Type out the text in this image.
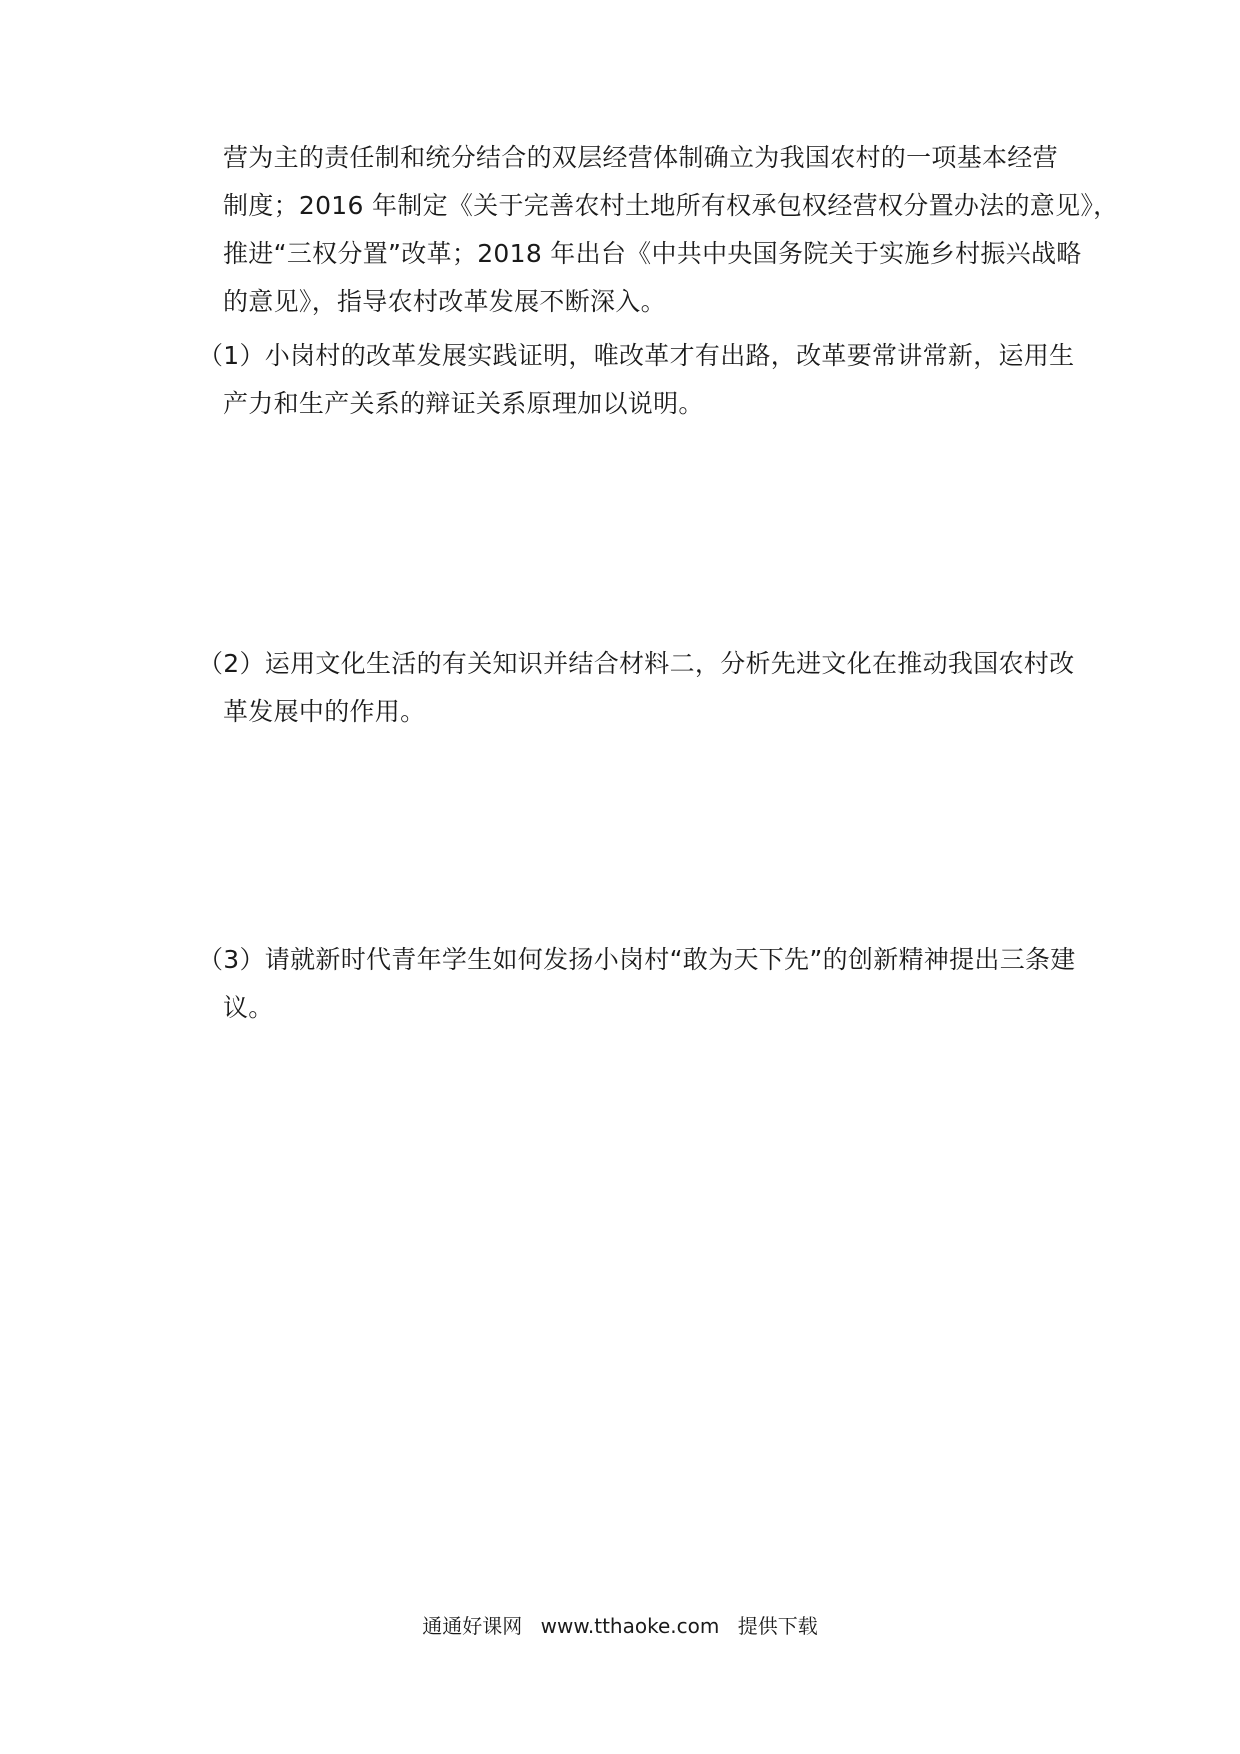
营为主的责任制和统分结合的双层经营体制确立为我国农村的一项基本经营
制度；2016 年制定《关于完善农村土地所有权承包权经营权分置办法的意见》，
推进“三权分置”改革；2018 年出台《中共中央国务院关于实施乡村振兴战略
的意见》，指导农村改革发展不断深入。
（1）小岗村的改革发展实践证明，唯改革才有出路，改革要常讲常新，运用生
产力和生产关系的辩证关系原理加以说明。
（2）运用文化生活的有关知识并结合材料二，分析先进文化在推动我国农村改
革发展中的作用。
（3）请就新时代青年学生如何发扬小岗村“敢为天下先”的创新精神提出三条建
议。
通通好课网 www.tthaoke.com 提供下载
